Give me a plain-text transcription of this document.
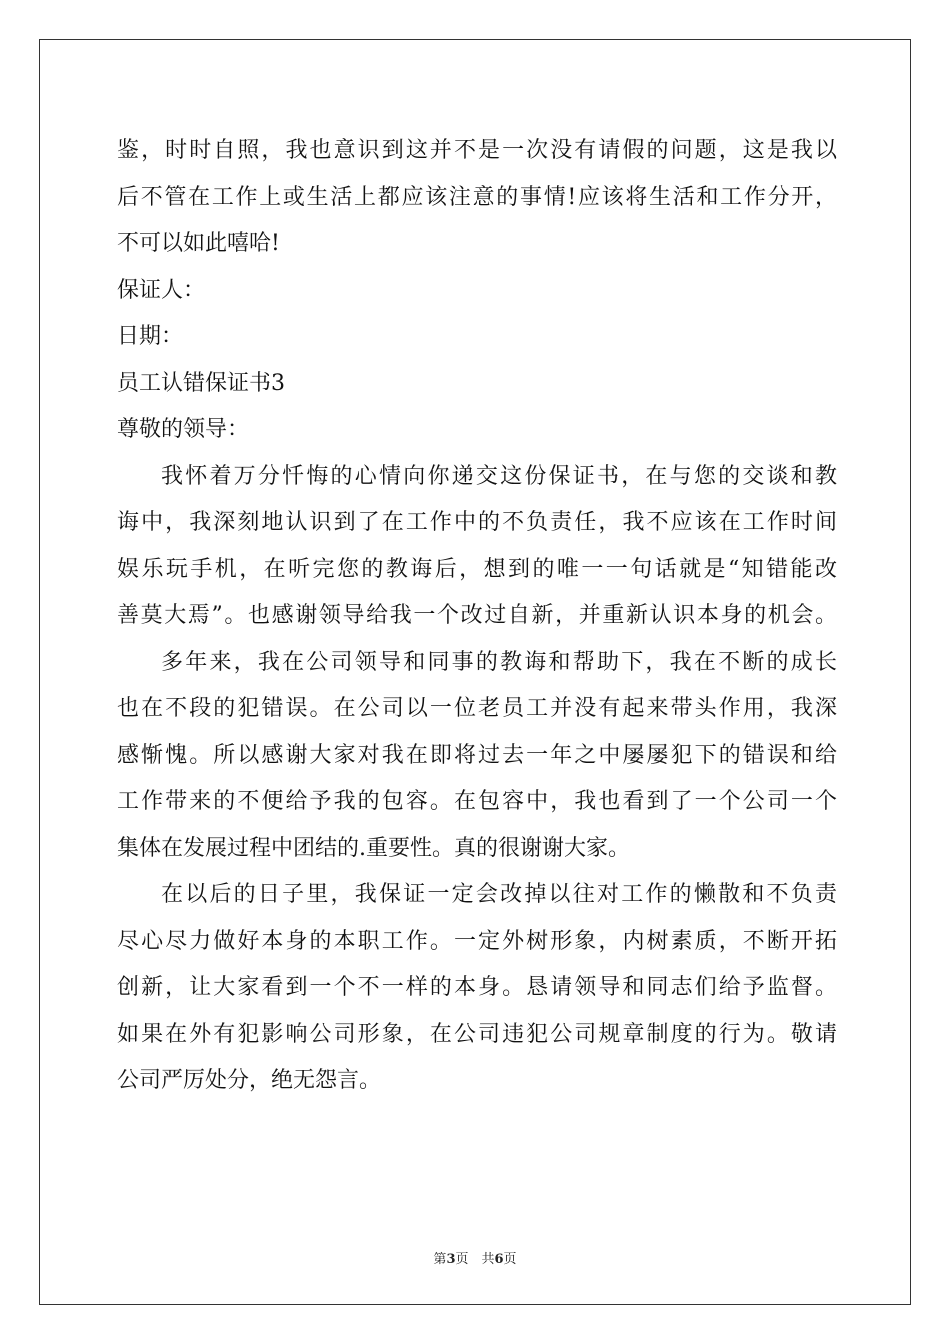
鉴，时时自照，我也意识到这并不是一次没有请假的问题，这是我以
后不管在工作上或生活上都应该注意的事情!应该将生活和工作分开，
不可以如此嘻哈!
保证人：
日期：
员工认错保证书3
尊敬的领导：
我怀着万分忏悔的心情向你递交这份保证书，在与您的交谈和教
诲中，我深刻地认识到了在工作中的不负责任，我不应该在工作时间
娱乐玩手机，在听完您的教诲后，想到的唯一一句话就是“知错能改
善莫大焉”。也感谢领导给我一个改过自新，并重新认识本身的机会。
多年来，我在公司领导和同事的教诲和帮助下，我在不断的成长
也在不段的犯错误。在公司以一位老员工并没有起来带头作用，我深
感惭愧。所以感谢大家对我在即将过去一年之中屡屡犯下的错误和给
工作带来的不便给予我的包容。在包容中，我也看到了一个公司一个
集体在发展过程中团结的.重要性。真的很谢谢大家。
在以后的日子里，我保证一定会改掉以往对工作的懒散和不负责
尽心尽力做好本身的本职工作。一定外树形象，内树素质，不断开拓
创新，让大家看到一个不一样的本身。恳请领导和同志们给予监督。
如果在外有犯影响公司形象，在公司违犯公司规章制度的行为。敬请
公司严厉处分，绝无怨言。
第3页　共6页
